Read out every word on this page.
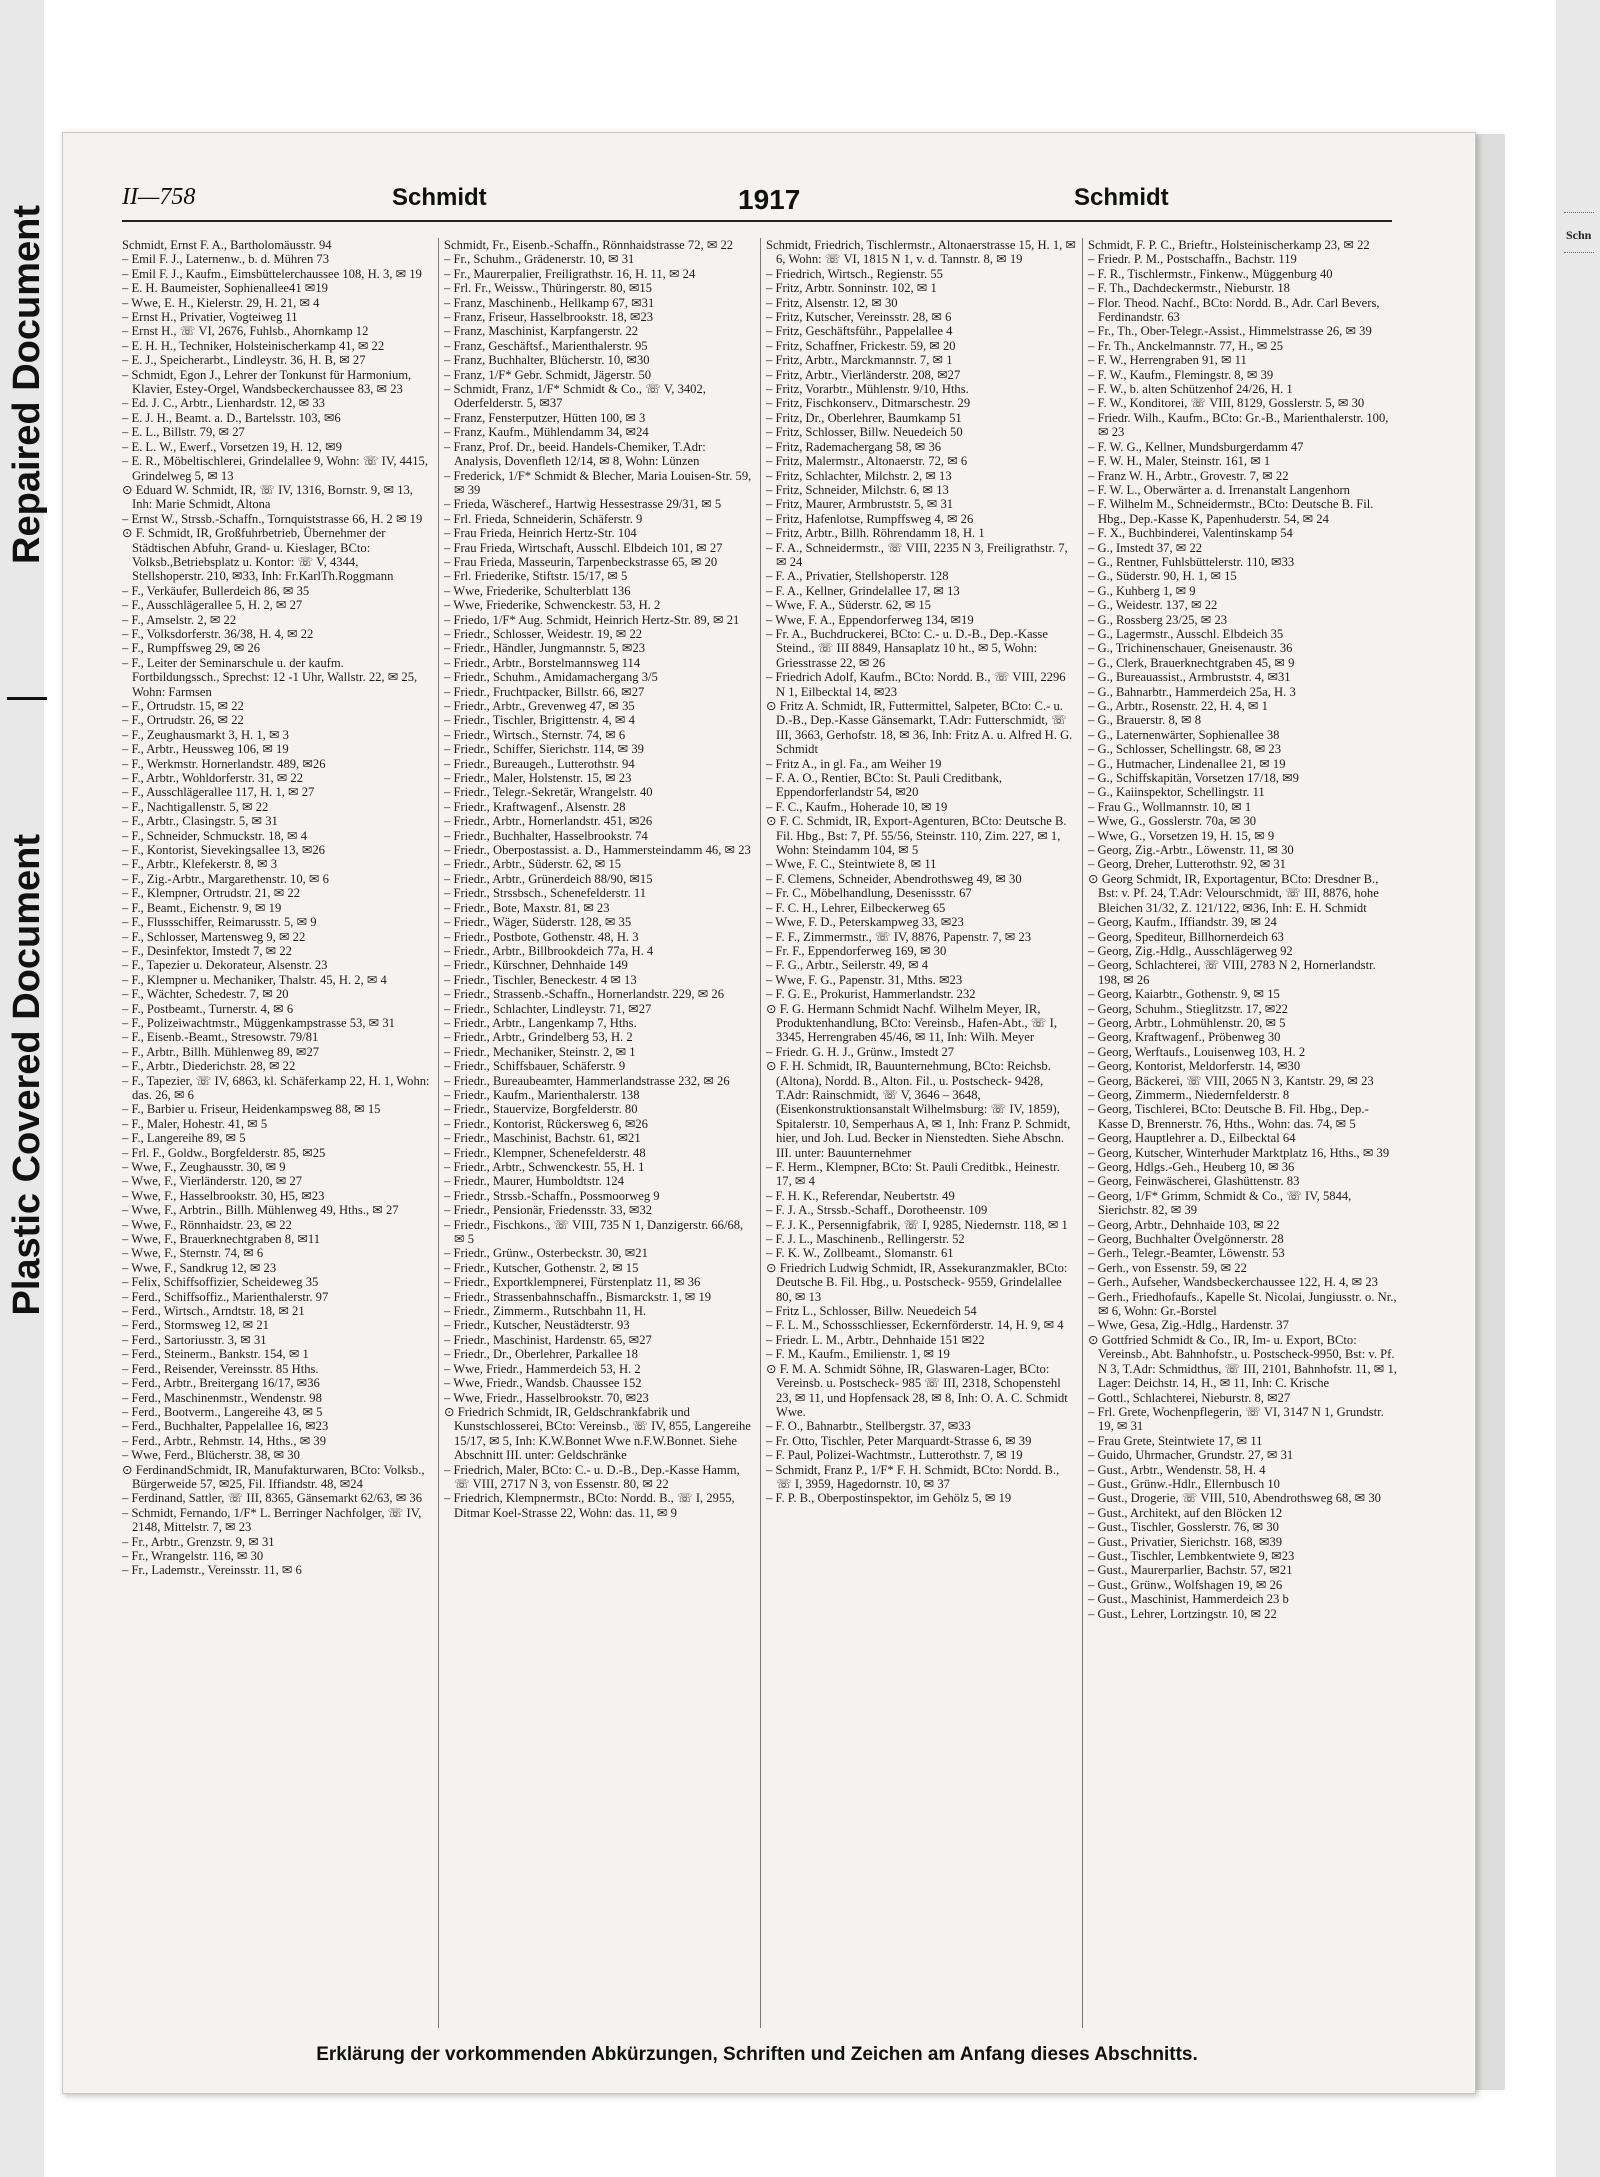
Repaired Document
Plastic Covered Document
Schn
II—758	Schmidt	1917	Schmidt

Schmidt, Ernst F. A., Bartholomäusstr. 94

– Emil F. J., Laternenw., b. d. Mühren 73

– Emil F. J., Kaufm., Eimsbüttelerchaussee 108, H. 3, ✉ 19

– E. H. Baumeister, Sophienallee41 ✉19

– Wwe, E. H., Kielerstr. 29, H. 21, ✉ 4

– Ernst H., Privatier, Vogteiweg 11

– Ernst H., ☏ VI, 2676, Fuhlsb., Ahornkamp 12

– E. H. H., Techniker, Holsteinischerkamp 41, ✉ 22

– E. J., Speicherarbt., Lindleystr. 36, H. B, ✉ 27

– Schmidt, Egon J., Lehrer der Tonkunst für Harmonium, Klavier, Estey-Orgel, Wandsbeckerchaussee 83, ✉ 23

– Ed. J. C., Arbtr., Lienhardstr. 12, ✉ 33

– E. J. H., Beamt. a. D., Bartelsstr. 103, ✉6

– E. L., Billstr. 79, ✉ 27

– E. L. W., Ewerf., Vorsetzen 19, H. 12, ✉9

– E. R., Möbeltischlerei, Grindelallee 9, Wohn: ☏ IV, 4415, Grindelweg 5, ✉ 13

⊙ Eduard W. Schmidt, IR, ☏ IV, 1316, Bornstr. 9, ✉ 13, Inh: Marie Schmidt, Altona

– Ernst W., Strssb.-Schaffn., Tornquiststrasse 66, H. 2 ✉ 19

⊙ F. Schmidt, IR, Großfuhrbetrieb, Übernehmer der Städtischen Abfuhr, Grand- u. Kieslager, BCto: Volksb.,Betriebsplatz u. Kontor: ☏ V, 4344, Stellshoperstr. 210, ✉33, Inh: Fr.KarlTh.Roggmann

– F., Verkäufer, Bullerdeich 86, ✉ 35

– F., Ausschlägerallee 5, H. 2, ✉ 27

– F., Amselstr. 2, ✉ 22

– F., Volksdorferstr. 36/38, H. 4, ✉ 22

– F., Rumpffsweg 29, ✉ 26

– F., Leiter der Seminarschule u. der kaufm. Fortbildungssch., Sprechst: 12 -1 Uhr, Wallstr. 22, ✉ 25, Wohn: Farmsen

– F., Ortrudstr. 15, ✉ 22

– F., Ortrudstr. 26, ✉ 22

– F., Zeughausmarkt 3, H. 1, ✉ 3

– F., Arbtr., Heussweg 106, ✉ 19

– F., Werkmstr. Hornerlandstr. 489, ✉26

– F., Arbtr., Wohldorferstr. 31, ✉ 22

– F., Ausschlägerallee 117, H. 1, ✉ 27

– F., Nachtigallenstr. 5, ✉ 22

– F., Arbtr., Clasingstr. 5, ✉ 31

– F., Schneider, Schmuckstr. 18, ✉ 4

– F., Kontorist, Sievekingsallee 13, ✉26

– F., Arbtr., Klefekerstr. 8, ✉ 3

– F., Zig.-Arbtr., Margarethenstr. 10, ✉ 6

– F., Klempner, Ortrudstr. 21, ✉ 22

– F., Beamt., Eichenstr. 9, ✉ 19

– F., Flussschiffer, Reimarusstr. 5, ✉ 9

– F., Schlosser, Martensweg 9, ✉ 22

– F., Desinfektor, Imstedt 7, ✉ 22

– F., Tapezier u. Dekorateur, Alsenstr. 23

– F., Klempner u. Mechaniker, Thalstr. 45, H. 2, ✉ 4

– F., Wächter, Schedestr. 7, ✉ 20

– F., Postbeamt., Turnerstr. 4, ✉ 6

– F., Polizeiwachtmstr., Müggenkampstrasse 53, ✉ 31

– F., Eisenb.-Beamt., Stresowstr. 79/81

– F., Arbtr., Billh. Mühlenweg 89, ✉27

– F., Arbtr., Diederichstr. 28, ✉ 22

– F., Tapezier, ☏ IV, 6863, kl. Schäferkamp 22, H. 1, Wohn: das. 26, ✉ 6

– F., Barbier u. Friseur, Heidenkampsweg 88, ✉ 15

– F., Maler, Hohestr. 41, ✉ 5

– F., Langereihe 89, ✉ 5

– Frl. F., Goldw., Borgfelderstr. 85, ✉25

– Wwe, F., Zeughausstr. 30, ✉ 9

– Wwe, F., Vierländerstr. 120, ✉ 27

– Wwe, F., Hasselbrookstr. 30, H5, ✉23

– Wwe, F., Arbtrin., Billh. Mühlenweg 49, Hths., ✉ 27

– Wwe, F., Rönnhaidstr. 23, ✉ 22

– Wwe, F., Brauerknechtgraben 8, ✉11

– Wwe, F., Sternstr. 74, ✉ 6

– Wwe, F., Sandkrug 12, ✉ 23

– Felix, Schiffsoffizier, Scheideweg 35

– Ferd., Schiffsoffiz., Marienthalerstr. 97

– Ferd., Wirtsch., Arndtstr. 18, ✉ 21

– Ferd., Stormsweg 12, ✉ 21

– Ferd., Sartoriusstr. 3, ✉ 31

– Ferd., Steinerm., Bankstr. 154, ✉ 1

– Ferd., Reisender, Vereinsstr. 85 Hths.

– Ferd., Arbtr., Breitergang 16/17, ✉36

– Ferd., Maschinenmstr., Wendenstr. 98

– Ferd., Bootverm., Langereihe 43, ✉ 5

– Ferd., Buchhalter, Pappelallee 16, ✉23

– Ferd., Arbtr., Rehmstr. 14, Hths., ✉ 39

– Wwe, Ferd., Blücherstr. 38, ✉ 30

⊙ FerdinandSchmidt, IR, Manufakturwaren, BCto: Volksb., Bürgerweide 57, ✉25, Fil. Iffiandstr. 48, ✉24

– Ferdinand, Sattler, ☏ III, 8365, Gänsemarkt 62/63, ✉ 36

– Schmidt, Fernando, 1/F* L. Berringer Nachfolger, ☏ IV, 2148, Mittelstr. 7, ✉ 23

– Fr., Arbtr., Grenzstr. 9, ✉ 31

– Fr., Wrangelstr. 116, ✉ 30

– Fr., Lademstr., Vereinsstr. 11, ✉ 6

Schmidt, Fr., Eisenb.-Schaffn., Rönnhaidstrasse 72, ✉ 22

– Fr., Schuhm., Grädenerstr. 10, ✉ 31

– Fr., Maurerpalier, Freiligrathstr. 16, H. 11, ✉ 24

– Frl. Fr., Weissw., Thüringerstr. 80, ✉15

– Franz, Maschinenb., Hellkamp 67, ✉31

– Franz, Friseur, Hasselbrookstr. 18, ✉23

– Franz, Maschinist, Karpfangerstr. 22

– Franz, Geschäftsf., Marienthalerstr. 95

– Franz, Buchhalter, Blücherstr. 10, ✉30

– Franz, 1/F* Gebr. Schmidt, Jägerstr. 50

– Schmidt, Franz, 1/F* Schmidt & Co., ☏ V, 3402, Oderfelderstr. 5, ✉37

– Franz, Fensterputzer, Hütten 100, ✉ 3

– Franz, Kaufm., Mühlendamm 34, ✉24

– Franz, Prof. Dr., beeid. Handels-Chemiker, T.Adr: Analysis, Dovenfleth 12/14, ✉ 8, Wohn: Lünzen

– Frederick, 1/F* Schmidt & Blecher, Maria Louisen-Str. 59, ✉ 39

– Frieda, Wäscheref., Hartwig Hessestrasse 29/31, ✉ 5

– Frl. Frieda, Schneiderin, Schäferstr. 9

– Frau Frieda, Heinrich Hertz-Str. 104

– Frau Frieda, Wirtschaft, Ausschl. Elbdeich 101, ✉ 27

– Frau Frieda, Masseurin, Tarpenbeckstrasse 65, ✉ 20

– Frl. Friederike, Stiftstr. 15/17, ✉ 5

– Wwe, Friederike, Schulterblatt 136

– Wwe, Friederike, Schwenckestr. 53, H. 2

– Friedo, 1/F* Aug. Schmidt, Heinrich Hertz-Str. 89, ✉ 21

– Friedr., Schlosser, Weidestr. 19, ✉ 22

– Friedr., Händler, Jungmannstr. 5, ✉23

– Friedr., Arbtr., Borstelmannsweg 114

– Friedr., Schuhm., Amidamachergang 3/5

– Friedr., Fruchtpacker, Billstr. 66, ✉27

– Friedr., Arbtr., Grevenweg 47, ✉ 35

– Friedr., Tischler, Brigittenstr. 4, ✉ 4

– Friedr., Wirtsch., Sternstr. 74, ✉ 6

– Friedr., Schiffer, Sierichstr. 114, ✉ 39

– Friedr., Bureaugeh., Lutterothstr. 94

– Friedr., Maler, Holstenstr. 15, ✉ 23

– Friedr., Telegr.-Sekretär, Wrangelstr. 40

– Friedr., Kraftwagenf., Alsenstr. 28

– Friedr., Arbtr., Hornerlandstr. 451, ✉26

– Friedr., Buchhalter, Hasselbrookstr. 74

– Friedr., Oberpostassist. a. D., Hammersteindamm 46, ✉ 23

– Friedr., Arbtr., Süderstr. 62, ✉ 15

– Friedr., Arbtr., Grünerdeich 88/90, ✉15

– Friedr., Strssbsch., Schenefelderstr. 11

– Friedr., Bote, Maxstr. 81, ✉ 23

– Friedr., Wäger, Süderstr. 128, ✉ 35

– Friedr., Postbote, Gothenstr. 48, H. 3

– Friedr., Arbtr., Billbrookdeich 77a, H. 4

– Friedr., Kürschner, Dehnhaide 149

– Friedr., Tischler, Beneckestr. 4 ✉ 13

– Friedr., Strassenb.-Schaffn., Hornerlandstr. 229, ✉ 26

– Friedr., Schlachter, Lindleystr. 71, ✉27

– Friedr., Arbtr., Langenkamp 7, Hths.

– Friedr., Arbtr., Grindelberg 53, H. 2

– Friedr., Mechaniker, Steinstr. 2, ✉ 1

– Friedr., Schiffsbauer, Schäferstr. 9

– Friedr., Bureaubeamter, Hammerlandstrasse 232, ✉ 26

– Friedr., Kaufm., Marienthalerstr. 138

– Friedr., Stauervize, Borgfelderstr. 80

– Friedr., Kontorist, Rückersweg 6, ✉26

– Friedr., Maschinist, Bachstr. 61, ✉21

– Friedr., Klempner, Schenefelderstr. 48

– Friedr., Arbtr., Schwenckestr. 55, H. 1

– Friedr., Maurer, Humboldtstr. 124

– Friedr., Strssb.-Schaffn., Possmoorweg 9

– Friedr., Pensionär, Friedensstr. 33, ✉32

– Friedr., Fischkons., ☏ VIII, 735 N 1, Danzigerstr. 66/68, ✉ 5

– Friedr., Grünw., Osterbeckstr. 30, ✉21

– Friedr., Kutscher, Gothenstr. 2, ✉ 15

– Friedr., Exportklempnerei, Fürstenplatz 11, ✉ 36

– Friedr., Strassenbahnschaffn., Bismarckstr. 1, ✉ 19

– Friedr., Zimmerm., Rutschbahn 11, H.

– Friedr., Kutscher, Neustädterstr. 93

– Friedr., Maschinist, Hardenstr. 65, ✉27

– Friedr., Dr., Oberlehrer, Parkallee 18

– Wwe, Friedr., Hammerdeich 53, H. 2

– Wwe, Friedr., Wandsb. Chaussee 152

– Wwe, Friedr., Hasselbrookstr. 70, ✉23

⊙ Friedrich Schmidt, IR, Geldschrankfabrik und Kunstschlosserei, BCto: Vereinsb., ☏ IV, 855, Langereihe 15/17, ✉ 5, Inh: K.W.Bonnet Wwe n.F.W.Bonnet. Siehe Abschnitt III. unter: Geldschränke

– Friedrich, Maler, BCto: C.- u. D.-B., Dep.-Kasse Hamm, ☏ VIII, 2717 N 3, von Essenstr. 80, ✉ 22

– Friedrich, Klempnermstr., BCto: Nordd. B., ☏ I, 2955, Ditmar Koel-Strasse 22, Wohn: das. 11, ✉ 9

Schmidt, Friedrich, Tischlermstr., Altonaerstrasse 15, H. 1, ✉ 6, Wohn: ☏ VI, 1815 N 1, v. d. Tannstr. 8, ✉ 19

– Friedrich, Wirtsch., Regienstr. 55

– Fritz, Arbtr. Sonninstr. 102, ✉ 1

– Fritz, Alsenstr. 12, ✉ 30

– Fritz, Kutscher, Vereinsstr. 28, ✉ 6

– Fritz, Geschäftsführ., Pappelallee 4

– Fritz, Schaffner, Frickestr. 59, ✉ 20

– Fritz, Arbtr., Marckmannstr. 7, ✉ 1

– Fritz, Arbtr., Vierländerstr. 208, ✉27

– Fritz, Vorarbtr., Mühlenstr. 9/10, Hths.

– Fritz, Fischkonserv., Ditmarschestr. 29

– Fritz, Dr., Oberlehrer, Baumkamp 51

– Fritz, Schlosser, Billw. Neuedeich 50

– Fritz, Rademachergang 58, ✉ 36

– Fritz, Malermstr., Altonaerstr. 72, ✉ 6

– Fritz, Schlachter, Milchstr. 2, ✉ 13

– Fritz, Schneider, Milchstr. 6, ✉ 13

– Fritz, Maurer, Armbruststr. 5, ✉ 31

– Fritz, Hafenlotse, Rumpffsweg 4, ✉ 26

– Fritz, Arbtr., Billh. Röhrendamm 18, H. 1

– F. A., Schneidermstr., ☏ VIII, 2235 N 3, Freiligrathstr. 7, ✉ 24

– F. A., Privatier, Stellshoperstr. 128

– F. A., Kellner, Grindelallee 17, ✉ 13

– Wwe, F. A., Süderstr. 62, ✉ 15

– Wwe, F. A., Eppendorferweg 134, ✉19

– Fr. A., Buchdruckerei, BCto: C.- u. D.-B., Dep.-Kasse Steind., ☏ III 8849, Hansaplatz 10 ht., ✉ 5, Wohn: Griesstrasse 22, ✉ 26

– Friedrich Adolf, Kaufm., BCto: Nordd. B., ☏ VIII, 2296 N 1, Eilbecktal 14, ✉23

⊙ Fritz A. Schmidt, IR, Futtermittel, Salpeter, BCto: C.- u. D.-B., Dep.-Kasse Gänsemarkt, T.Adr: Futterschmidt, ☏ III, 3663, Gerhofstr. 18, ✉ 36, Inh: Fritz A. u. Alfred H. G. Schmidt

– Fritz A., in gl. Fa., am Weiher 19

– F. A. O., Rentier, BCto: St. Pauli Creditbank, Eppendorferlandstr 54, ✉20

– F. C., Kaufm., Hoheradе 10, ✉ 19

⊙ F. C. Schmidt, IR, Export-Agenturen, BCto: Deutsche B. Fil. Hbg., Bst: 7, Pf. 55/56, Steinstr. 110, Zim. 227, ✉ 1, Wohn: Steindamm 104, ✉ 5

– Wwe, F. C., Steintwiete 8, ✉ 11

– F. Clemens, Schneider, Abendrothsweg 49, ✉ 30

– Fr. C., Möbelhandlung, Desenissstr. 67

– F. C. H., Lehrer, Eilbeckerweg 65

– Wwe, F. D., Peterskampweg 33, ✉23

– F. F., Zimmermstr., ☏ IV, 8876, Papenstr. 7, ✉ 23

– Fr. F., Eppendorferweg 169, ✉ 30

– F. G., Arbtr., Seilerstr. 49, ✉ 4

– Wwe, F. G., Papenstr. 31, Mths. ✉23

– F. G. E., Prokurist, Hammerlandstr. 232

⊙ F. G. Hermann Schmidt Nachf. Wilhelm Meyer, IR, Produktenhandlung, BCto: Vereinsb., Hafen-Abt., ☏ I, 3345, Herrengraben 45/46, ✉ 11, Inh: Wilh. Meyer

– Friedr. G. H. J., Grünw., Imstedt 27

⊙ F. H. Schmidt, IR, Bauunternehmung, BCto: Reichsb. (Altona), Nordd. B., Alton. Fil., u. Postscheck- 9428, T.Adr: Rainschmidt, ☏ V, 3646 – 3648, (Eisenkonstruktionsanstalt Wilhelmsburg: ☏ IV, 1859), Spitalerstr. 10, Semperhaus A, ✉ 1, Inh: Franz P. Schmidt, hier, und Joh. Lud. Becker in Nienstedten. Siehe Abschn. III. unter: Bauunternehmer

– F. Herm., Klempner, BCto: St. Pauli Creditbk., Heinestr. 17, ✉ 4

– F. H. K., Referendar, Neubertstr. 49

– F. J. A., Strssb.-Schaff., Dorotheenstr. 109

– F. J. K., Persennigfabrik, ☏ I, 9285, Niedernstr. 118, ✉ 1

– F. J. L., Maschinenb., Rellingerstr. 52

– F. K. W., Zollbeamt., Slomanstr. 61

⊙ Friedrich Ludwig Schmidt, IR, Assekuranzmakler, BCto: Deutsche B. Fil. Hbg., u. Postscheck- 9559, Grindelallee 80, ✉ 13

– Fritz L., Schlosser, Billw. Neuedeich 54

– F. L. M., Schossschliesser, Eckernförderstr. 14, H. 9, ✉ 4

– Friedr. L. M., Arbtr., Dehnhaide 151 ✉22

– F. M., Kaufm., Emilienstr. 1, ✉ 19

⊙ F. M. A. Schmidt Söhne, IR, Glaswaren-Lager, BCto: Vereinsb. u. Postscheck- 985 ☏ III, 2318, Schopenstehl 23, ✉ 11, und Hopfensack 28, ✉ 8, Inh: O. A. C. Schmidt Wwe.

– F. O., Bahnarbtr., Stellbergstr. 37, ✉33

– Fr. Otto, Tischler, Peter Marquardt-Strasse 6, ✉ 39

– F. Paul, Polizei-Wachtmstr., Lutterothstr. 7, ✉ 19

– Schmidt, Franz P., 1/F* F. H. Schmidt, BCto: Nordd. B., ☏ I, 3959, Hagedornstr. 10, ✉ 37

– F. P. B., Oberpostinspektor, im Gehölz 5, ✉ 19

Schmidt, F. P. C., Brieftr., Holsteinischerkamp 23, ✉ 22

– Friedr. P. M., Postschaffn., Bachstr. 119

– F. R., Tischlermstr., Finkenw., Müggenburg 40

– F. Th., Dachdeckermstr., Nieburstr. 18

– Flor. Theod. Nachf., BCto: Nordd. B., Adr. Carl Bevers, Ferdinandstr. 63

– Fr., Th., Ober-Telegr.-Assist., Himmelstrasse 26, ✉ 39

– Fr. Th., Anckelmannstr. 77, H., ✉ 25

– F. W., Herrengraben 91, ✉ 11

– F. W., Kaufm., Flemingstr. 8, ✉ 39

– F. W., b. alten Schützenhof 24/26, H. 1

– F. W., Konditorei, ☏ VIII, 8129, Gosslerstr. 5, ✉ 30

– Friedr. Wilh., Kaufm., BCto: Gr.-B., Marienthalerstr. 100, ✉ 23

– F. W. G., Kellner, Mundsburgerdamm 47

– F. W. H., Maler, Steinstr. 161, ✉ 1

– Franz W. H., Arbtr., Grovestr. 7, ✉ 22

– F. W. L., Oberwärter a. d. Irrenanstalt Langenhorn

– F. Wilhelm M., Schneidermstr., BCto: Deutsche B. Fil. Hbg., Dep.-Kasse K, Papenhuderstr. 54, ✉ 24

– F. X., Buchbinderei, Valentinskamp 54

– G., Imstedt 37, ✉ 22

– G., Rentner, Fuhlsbüttelerstr. 110, ✉33

– G., Süderstr. 90, H. 1, ✉ 15

– G., Kuhberg 1, ✉ 9

– G., Weidestr. 137, ✉ 22

– G., Rossberg 23/25, ✉ 23

– G., Lagermstr., Ausschl. Elbdeich 35

– G., Trichinenschauer, Gneisenaustr. 36

– G., Clerk, Brauerknechtgraben 45, ✉ 9

– G., Bureauassist., Armbruststr. 4, ✉31

– G., Bahnarbtr., Hammerdeich 25a, H. 3

– G., Arbtr., Rosenstr. 22, H. 4, ✉ 1

– G., Brauerstr. 8, ✉ 8

– G., Laternenwärter, Sophienallee 38

– G., Schlosser, Schellingstr. 68, ✉ 23

– G., Hutmacher, Lindenallee 21, ✉ 19

– G., Schiffskapitän, Vorsetzen 17/18, ✉9

– G., Kaiinspektor, Schellingstr. 11

– Frau G., Wollmannstr. 10, ✉ 1

– Wwe, G., Gosslerstr. 70a, ✉ 30

– Wwe, G., Vorsetzen 19, H. 15, ✉ 9

– Georg, Zig.-Arbtr., Löwenstr. 11, ✉ 30

– Georg, Dreher, Lutterothstr. 92, ✉ 31

⊙ Georg Schmidt, IR, Exportagentur, BCto: Dresdner B., Bst: v. Pf. 24, T.Adr: Velourschmidt, ☏ III, 8876, hohe Bleichen 31/32, Z. 121/122, ✉36, Inh: E. H. Schmidt

– Georg, Kaufm., Iffiandstr. 39, ✉ 24

– Georg, Spediteur, Billhornerdeich 63

– Georg, Zig.-Hdlg., Ausschlägerweg 92

– Georg, Schlachterei, ☏ VIII, 2783 N 2, Hornerlandstr. 198, ✉ 26

– Georg, Kaiarbtr., Gothenstr. 9, ✉ 15

– Georg, Schuhm., Stieglitzstr. 17, ✉22

– Georg, Arbtr., Lohmühlenstr. 20, ✉ 5

– Georg, Kraftwagenf., Pröbenweg 30

– Georg, Werftaufs., Louisenweg 103, H. 2

– Georg, Kontorist, Meldorferstr. 14, ✉30

– Georg, Bäckerei, ☏ VIII, 2065 N 3, Kantstr. 29, ✉ 23

– Georg, Zimmerm., Niedernfelderstr. 8

– Georg, Tischlerei, BCto: Deutsche B. Fil. Hbg., Dep.-Kasse D, Brennerstr. 76, Hths., Wohn: das. 74, ✉ 5

– Georg, Hauptlehrer a. D., Eilbecktal 64

– Georg, Kutscher, Winterhuder Marktplatz 16, Hths., ✉ 39

– Georg, Hdlgs.-Geh., Heuberg 10, ✉ 36

– Georg, Feinwäscherei, Glashüttenstr. 83

– Georg, 1/F* Grimm, Schmidt & Co., ☏ IV, 5844, Sierichstr. 82, ✉ 39

– Georg, Arbtr., Dehnhaide 103, ✉ 22

– Georg, Buchhalter Övelgönnerstr. 28

– Gerh., Telegr.-Beamter, Löwenstr. 53

– Gerh., von Essenstr. 59, ✉ 22

– Gerh., Aufseher, Wandsbeckerchaussee 122, H. 4, ✉ 23

– Gerh., Friedhofaufs., Kapelle St. Nicolai, Jungiusstr. o. Nr., ✉ 6, Wohn: Gr.-Borstel

– Wwe, Gesa, Zig.-Hdlg., Hardenstr. 37

⊙ Gottfried Schmidt & Co., IR, Im- u. Export, BCto: Vereinsb., Abt. Bahnhofstr., u. Postscheck-9950, Bst: v. Pf. N 3, T.Adr: Schmidthus, ☏ III, 2101, Bahnhofstr. 11, ✉ 1, Lager: Deichstr. 14, H., ✉ 11, Inh: C. Krische

– Gottl., Schlachterei, Nieburstr. 8, ✉27

– Frl. Grete, Wochenpflegerin, ☏ VI, 3147 N 1, Grundstr. 19, ✉ 31

– Frau Grete, Steintwiete 17, ✉ 11

– Guido, Uhrmacher, Grundstr. 27, ✉ 31

– Gust., Arbtr., Wendenstr. 58, H. 4

– Gust., Grünw.-Hdlr., Ellernbusch 10

– Gust., Drogerie, ☏ VIII, 510, Abendrothsweg 68, ✉ 30

– Gust., Architekt, auf den Blöcken 12

– Gust., Tischler, Gosslerstr. 76, ✉ 30

– Gust., Privatier, Sierichstr. 168, ✉39

– Gust., Tischler, Lembkentwiete 9, ✉23

– Gust., Maurerparlier, Bachstr. 57, ✉21

– Gust., Grünw., Wolfshagen 19, ✉ 26

– Gust., Maschinist, Hammerdeich 23 b

– Gust., Lehrer, Lortzingstr. 10, ✉ 22

Erklärung der vorkommenden Abkürzungen, Schriften und Zeichen am Anfang dieses Abschnitts.
